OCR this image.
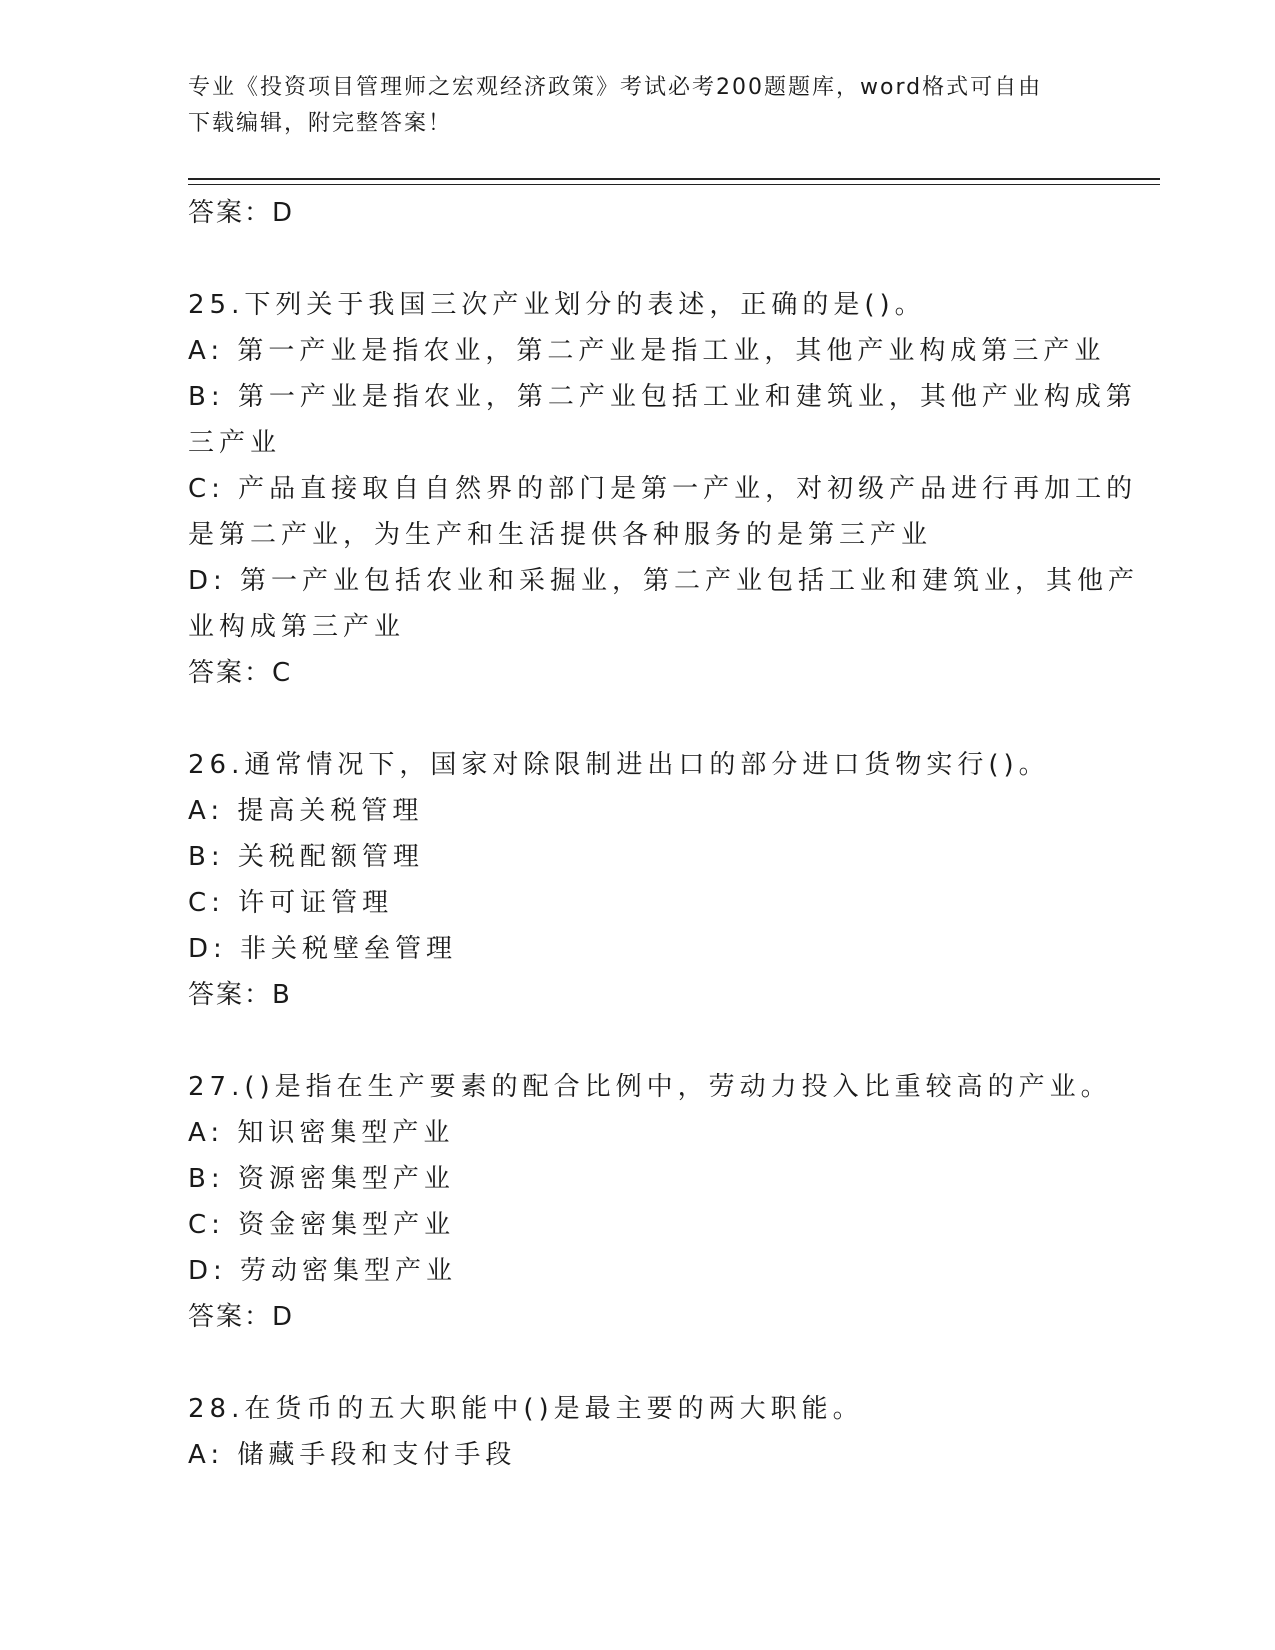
专业《投资项目管理师之宏观经济政策》考试必考200题题库，word格式可自由
下载编辑，附完整答案！
答案：D
25.下列关于我国三次产业划分的表述，正确的是()。
A: 第一产业是指农业，第二产业是指工业，其他产业构成第三产业
B: 第一产业是指农业，第二产业包括工业和建筑业，其他产业构成第
三产业
C: 产品直接取自自然界的部门是第一产业，对初级产品进行再加工的
是第二产业，为生产和生活提供各种服务的是第三产业
D: 第一产业包括农业和采掘业，第二产业包括工业和建筑业，其他产
业构成第三产业
答案：C
26.通常情况下，国家对除限制进出口的部分进口货物实行()。
A: 提高关税管理
B: 关税配额管理
C: 许可证管理
D: 非关税壁垒管理
答案：B
27.()是指在生产要素的配合比例中，劳动力投入比重较高的产业。
A: 知识密集型产业
B: 资源密集型产业
C: 资金密集型产业
D: 劳动密集型产业
答案：D
28.在货币的五大职能中()是最主要的两大职能。
A: 储藏手段和支付手段
